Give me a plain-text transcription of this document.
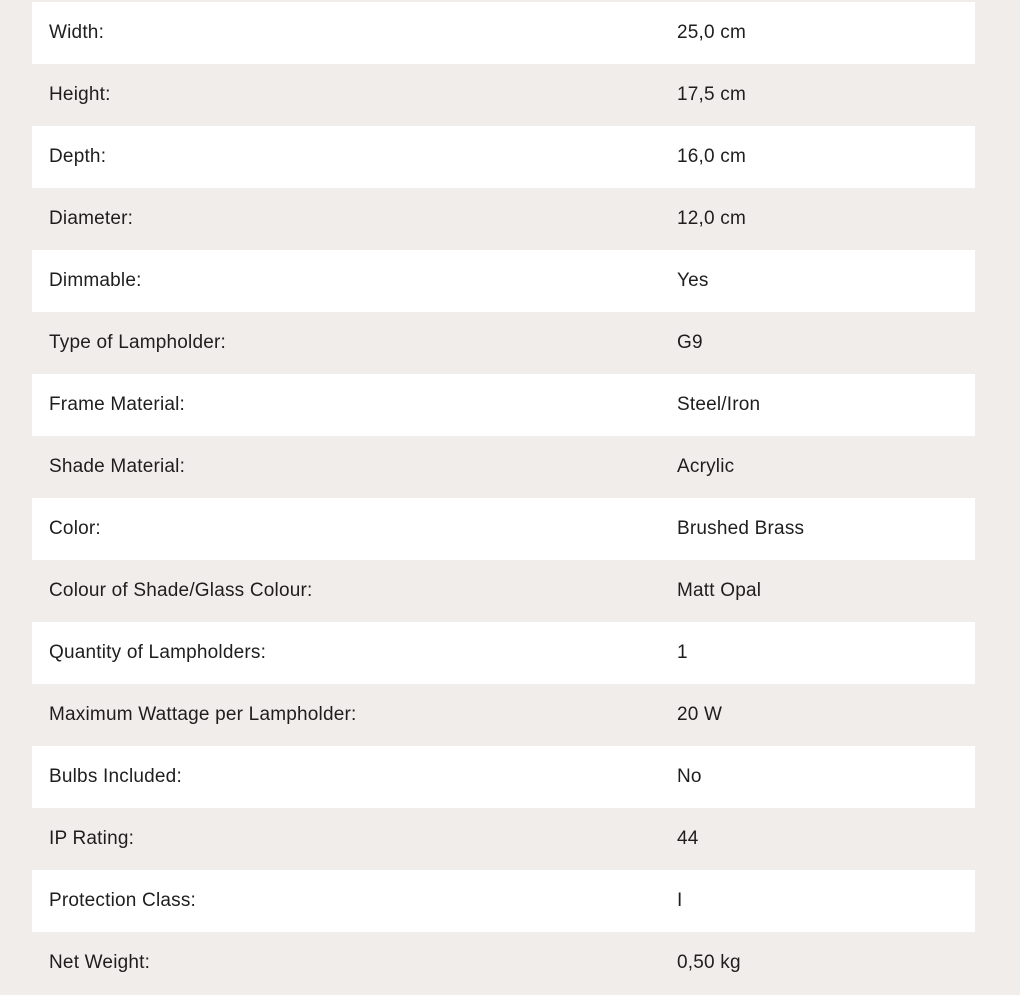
Width:	25,0 cm
Height:	17,5 cm
Depth:	16,0 cm
Diameter:	12,0 cm
Dimmable:	Yes
Type of Lampholder:	G9
Frame Material:	Steel/Iron
Shade Material:	Acrylic
Color:	Brushed Brass
Colour of Shade/Glass Colour:	Matt Opal
Quantity of Lampholders:	1
Maximum Wattage per Lampholder:	20 W
Bulbs Included:	No
IP Rating:	44
Protection Class:	I
Net Weight:	0,50 kg
